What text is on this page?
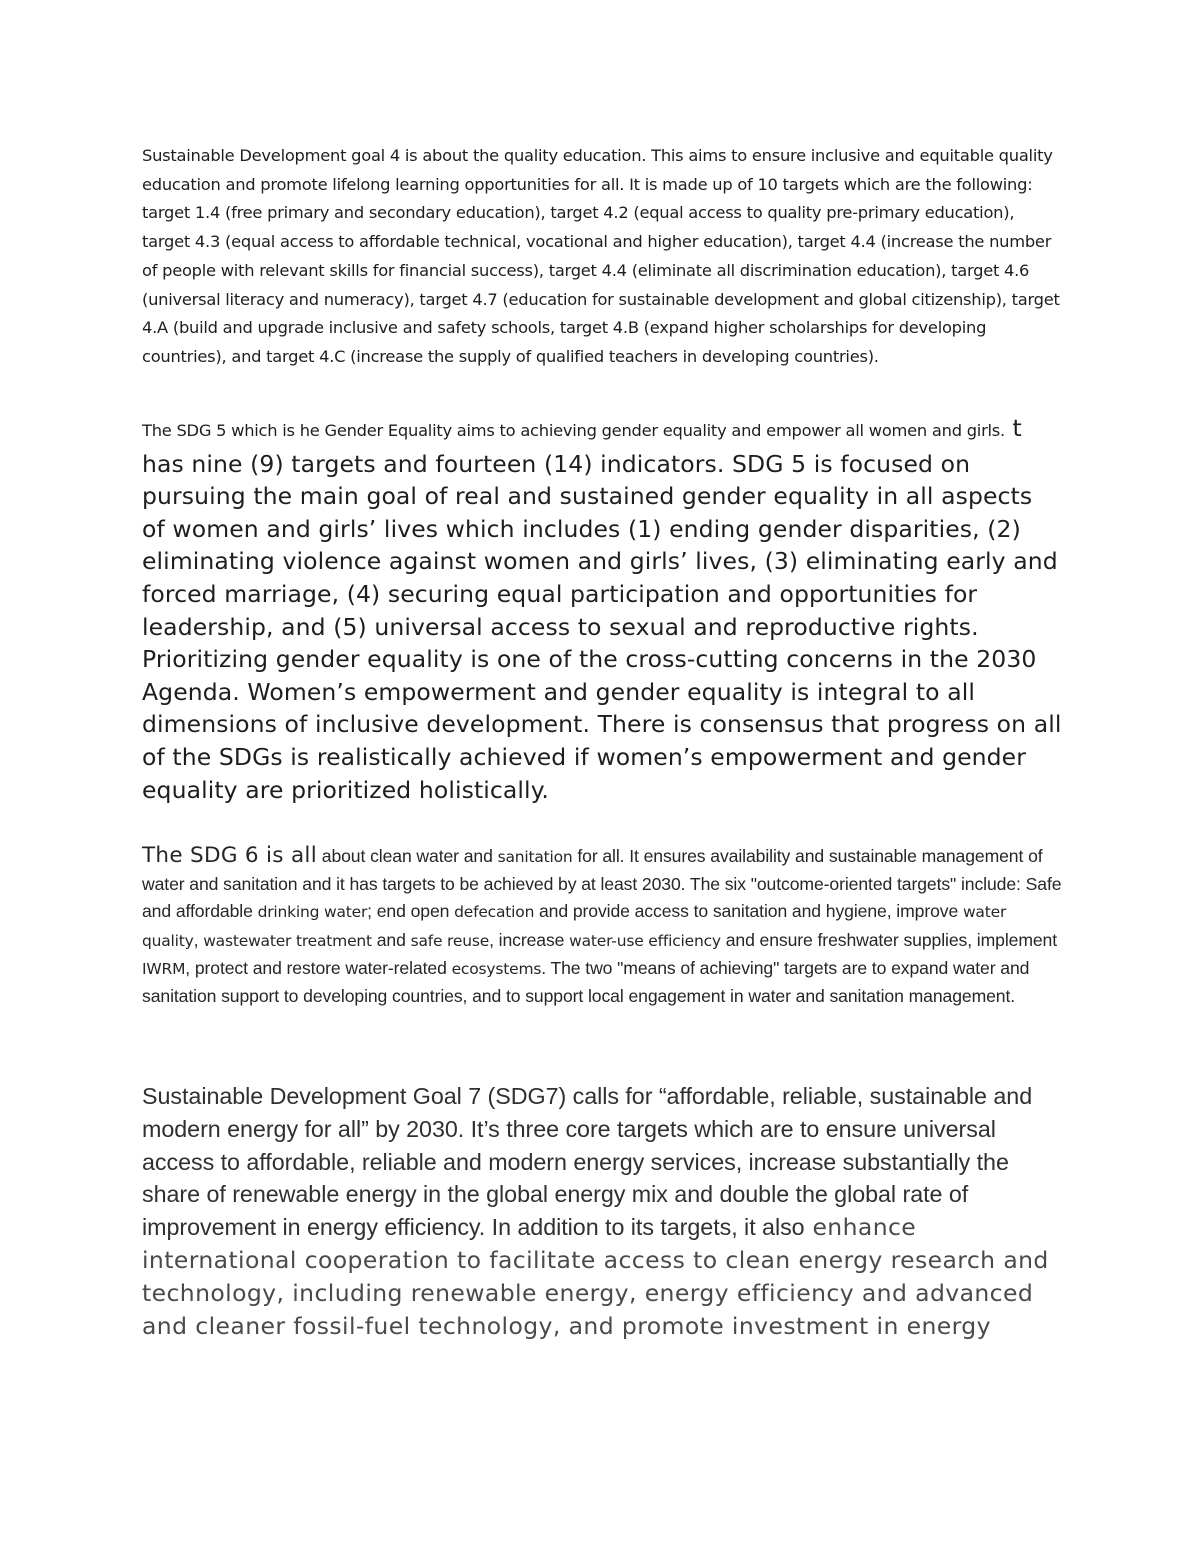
Sustainable Development goal 4 is about the quality education. This aims to ensure inclusive and equitable quality education and promote lifelong learning opportunities for all. It is made up of 10 targets which are the following: target 1.4 (free primary and secondary education), target 4.2 (equal access to quality pre-primary education), target 4.3 (equal access to affordable technical, vocational and higher education), target 4.4 (increase the number of people with relevant skills for financial success), target 4.4 (eliminate all discrimination education), target 4.6 (universal literacy and numeracy), target 4.7 (education for sustainable development and global citizenship), target 4.A (build and upgrade inclusive and safety schools, target 4.B (expand higher scholarships for developing countries), and target 4.C (increase the supply of qualified teachers in developing countries).

The SDG 5 which is he Gender Equality aims to achieving gender equality and empower all women and girls. t has nine (9) targets and fourteen (14) indicators. SDG 5 is focused on pursuing the main goal of real and sustained gender equality in all aspects of women and girls’ lives which includes (1) ending gender disparities, (2) eliminating violence against women and girls’ lives, (3) eliminating early and forced marriage, (4) securing equal participation and opportunities for leadership, and (5) universal access to sexual and reproductive rights. Prioritizing gender equality is one of the cross-cutting concerns in the 2030 Agenda. Women’s empowerment and gender equality is integral to all dimensions of inclusive development. There is consensus that progress on all of the SDGs is realistically achieved if women’s empowerment and gender equality are prioritized holistically.

The SDG 6 is all about clean water and sanitation for all. It ensures availability and sustainable management of water and sanitation and it has targets to be achieved by at least 2030. The six "outcome-oriented targets" include: Safe and affordable drinking water; end open defecation and provide access to sanitation and hygiene, improve water quality, wastewater treatment and safe reuse, increase water-use efficiency and ensure freshwater supplies, implement IWRM, protect and restore water-related ecosystems. The two "means of achieving" targets are to expand water and sanitation support to developing countries, and to support local engagement in water and sanitation management.

Sustainable Development Goal 7 (SDG7) calls for “affordable, reliable, sustainable and modern energy for all” by 2030. It’s three core targets which are to ensure universal access to affordable, reliable and modern energy services, increase substantially the share of renewable energy in the global energy mix and double the global rate of improvement in energy efficiency. In addition to its targets, it also enhance international cooperation to facilitate access to clean energy research and technology, including renewable energy, energy efficiency and advanced and cleaner fossil-fuel technology, and promote investment in energy
